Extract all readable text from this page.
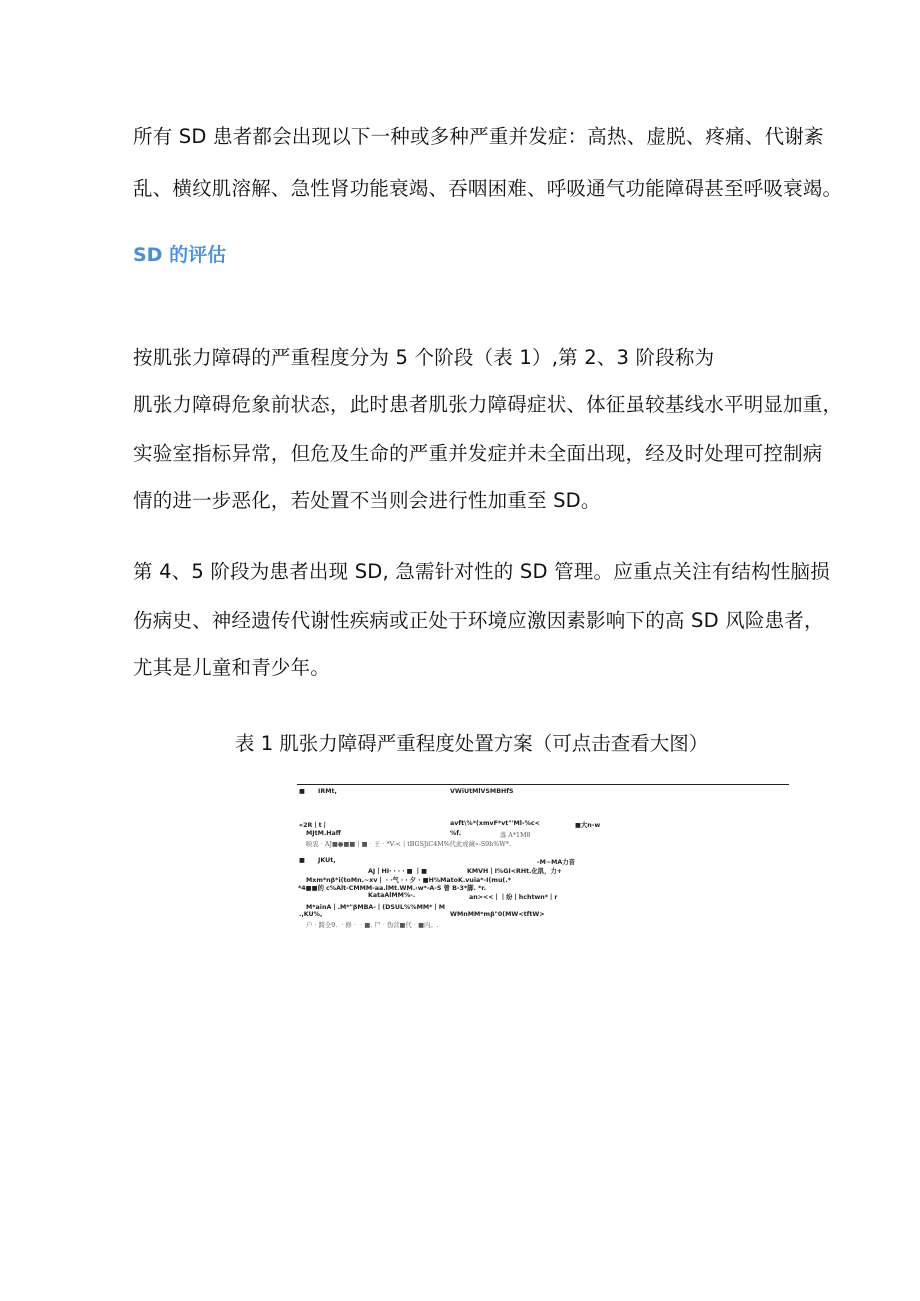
所有 SD 患者都会出现以下一种或多种严重并发症：高热、虚脱、疼痛、代谢紊
乱、横纹肌溶解、急性肾功能衰竭、吞咽困难、呼吸通气功能障碍甚至呼吸衰竭。
SD 的评估
按肌张力障碍的严重程度分为 5 个阶段（表 1）,第 2、3 阶段称为
肌张力障碍危象前状态，此时患者肌张力障碍症状、体征虽较基线水平明显加重，
实验室指标异常，但危及生命的严重并发症并未全面出现，经及时处理可控制病
情的进一步恶化，若处置不当则会进行性加重至 SD。
第 4、5 阶段为患者出现 SD, 急需针对性的 SD 管理。应重点关注有结构性脑损
伤病史、神经遗传代谢性疾病或正处于环境应激因素影响下的高 SD 风险患者，
尤其是儿童和青少年。
表 1 肌张力障碍严重程度处置方案（可点击查看大图）
■ IRMt,	VWiUtMlVSMBHfS
«2R丨t丨	avft\%*(xmvF*vt"'Ml-%c<	■大n-w
MJtM.Haff	%f.	落 A*1M8
映衷‧AJ■●■■丨■‧王‧*V-<丨tBGSJiC4M%代此或薇«-S9h%W*.
■ JKUt,	-M~MA力音
AJ丨HI‧ ‧ ‧ ‧ ■ 丨■	KMVH丨I%GI<RHt.化肌，力+
Mxm*nβ*i(toMn.~xv丨 ‧ ‧气 ‧ ‧ 夕 ‧ ■H%MatoK.vuia*-I(mu(.*
*4■■的 c%Alt-CMMM-aa.lMt.WM.‹w*-A-S 曾 B-3*脚. *r.
KataAlMM%-.	an><<丨丨纷丨hchtwn*丨r
M*ainA丨.M*"βMBA-丨(DSUL%%MM*丨M
.,KU%,	WMnMM*mβ"0(MW<tftW>
户‧跨全9. ‧修‧‧■. 尸‧伪营■代‧■内。.
